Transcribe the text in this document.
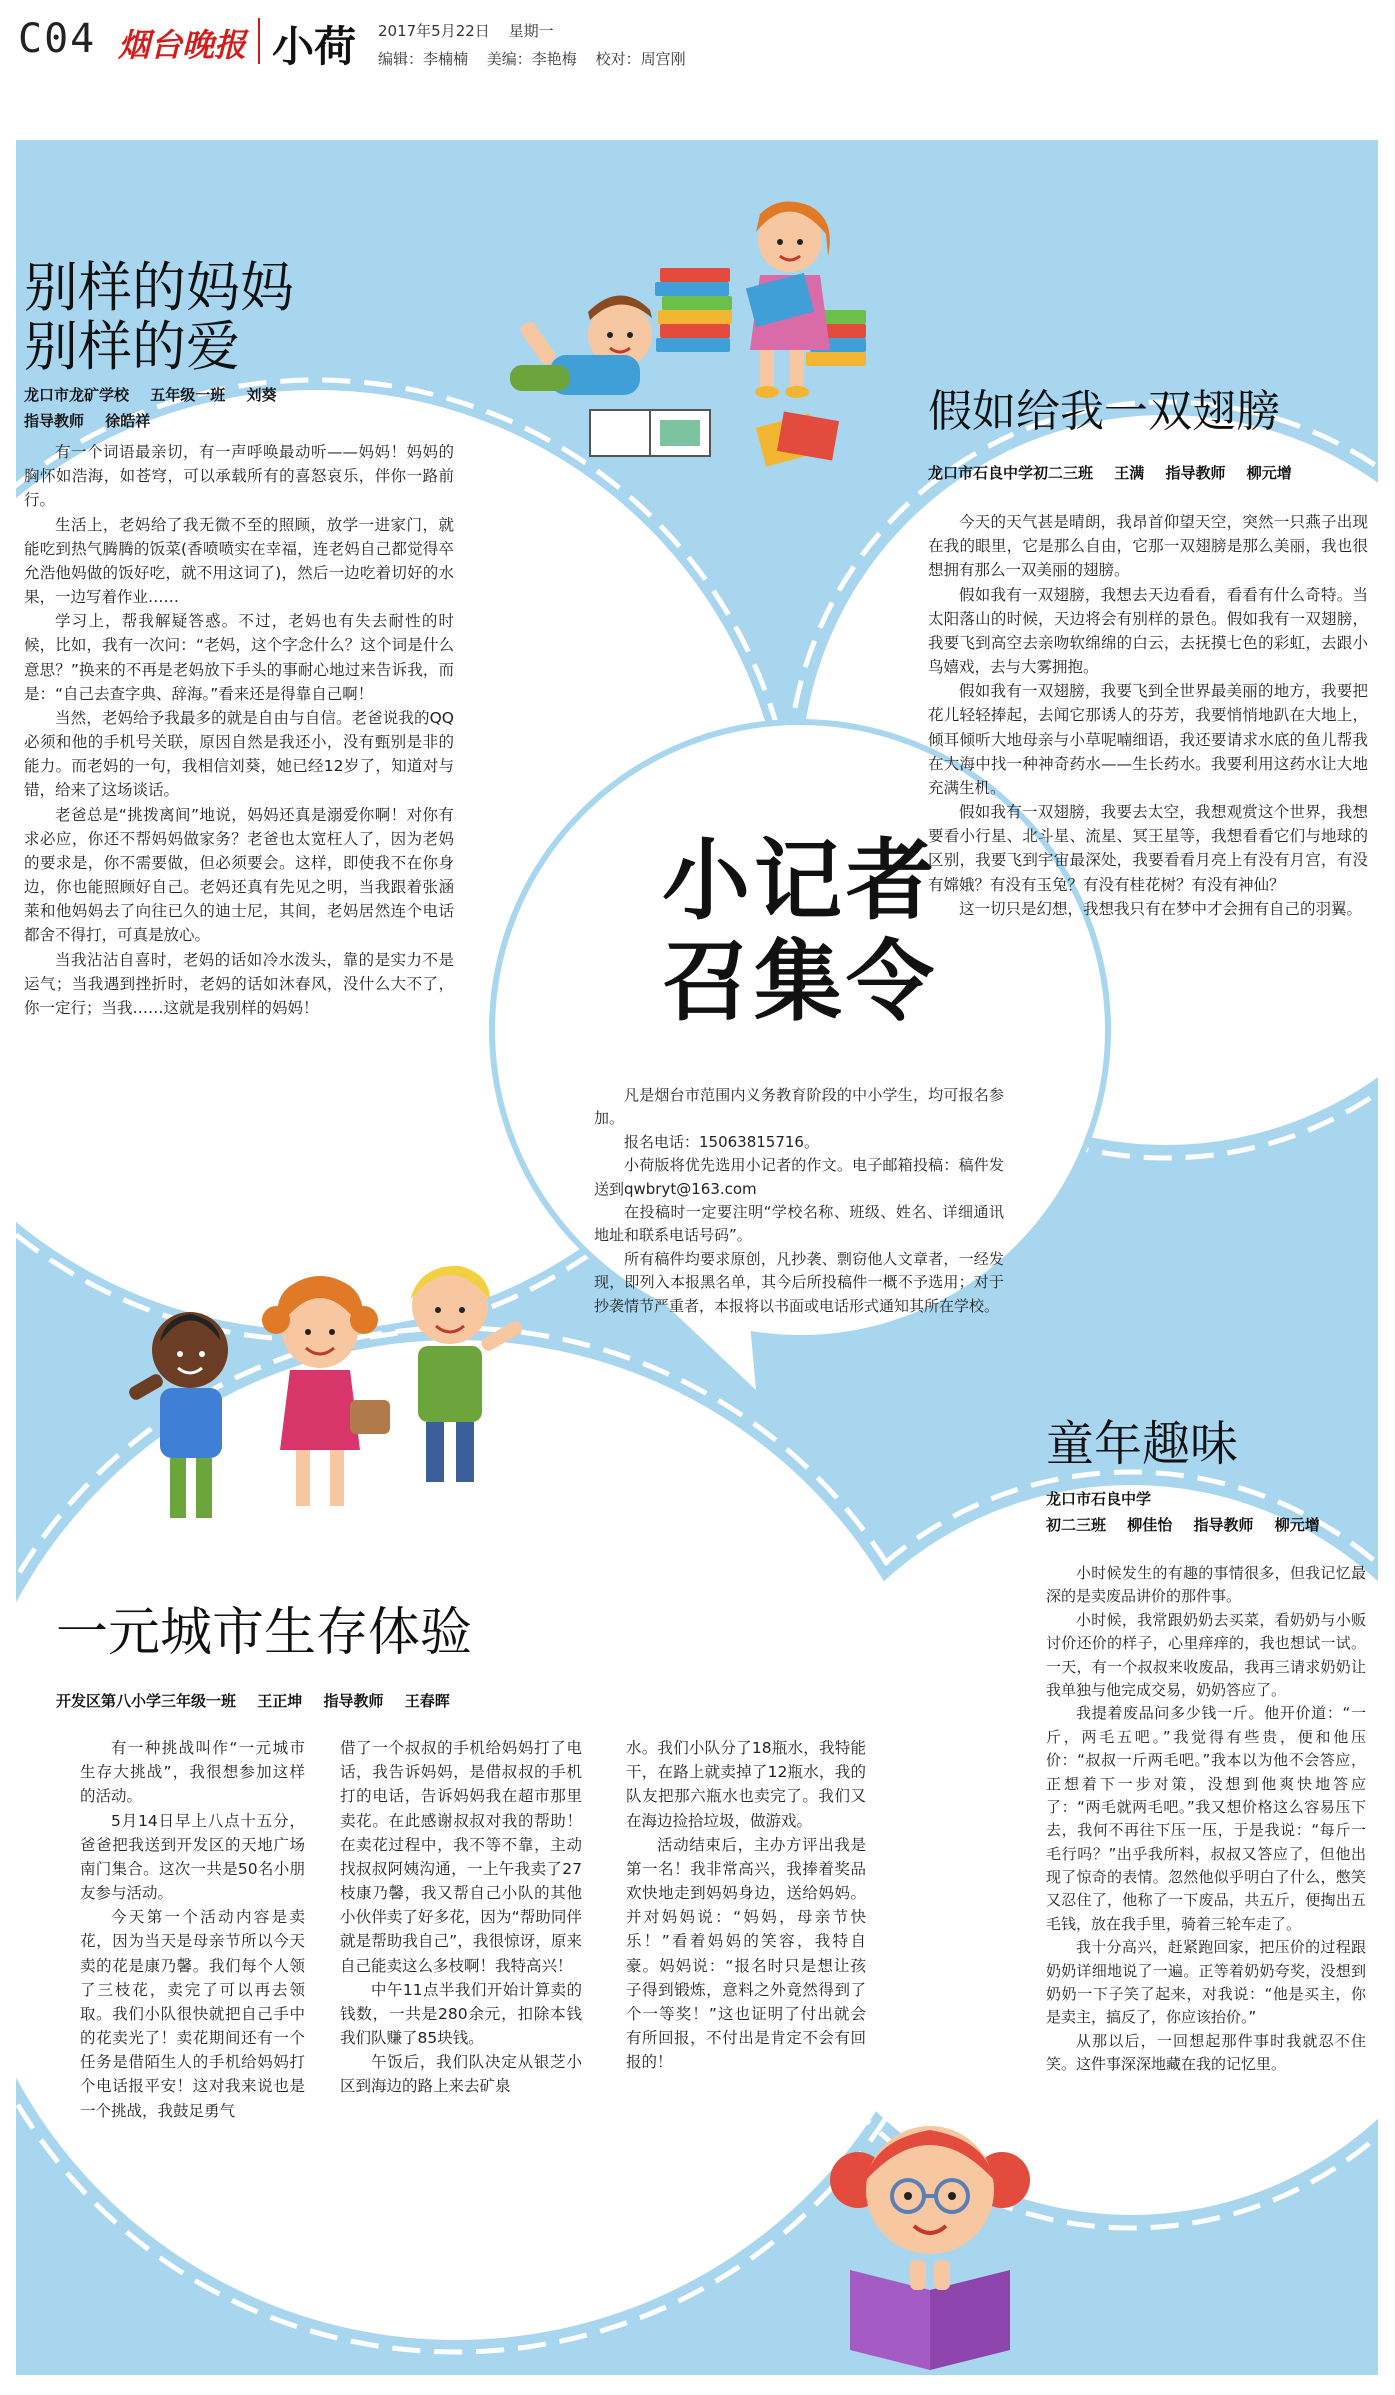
C04 烟台晚报 小荷 2017年5月22日 星期一
编辑：李楠楠 美编：李艳梅 校对：周宫刚
别样的妈妈
别样的爱
龙口市龙矿学校 五年级一班 刘葵
指导教师 徐皓祥

有一个词语最亲切，有一声呼唤最动听——妈妈！妈妈的胸怀如浩海，如苍穹，可以承载所有的喜怒哀乐，伴你一路前行。

生活上，老妈给了我无微不至的照顾，放学一进家门，就能吃到热气腾腾的饭菜(香喷喷实在幸福，连老妈自己都觉得卒允浩他妈做的饭好吃，就不用这词了)，然后一边吃着切好的水果，一边写着作业……

学习上，帮我解疑答惑。不过，老妈也有失去耐性的时候，比如，我有一次问：“老妈，这个字念什么？这个词是什么意思？”换来的不再是老妈放下手头的事耐心地过来告诉我，而是：“自己去查字典、辞海。”看来还是得靠自己啊！

当然，老妈给予我最多的就是自由与自信。老爸说我的QQ必须和他的手机号关联，原因自然是我还小，没有甄别是非的能力。而老妈的一句，我相信刘葵，她已经12岁了，知道对与错，给来了这场谈话。

老爸总是“挑拨离间”地说，妈妈还真是溺爱你啊！对你有求必应，你还不帮妈妈做家务？老爸也太宽枉人了，因为老妈的要求是，你不需要做，但必须要会。这样，即使我不在你身边，你也能照顾好自己。老妈还真有先见之明，当我跟着张涵莱和他妈妈去了向往已久的迪士尼，其间，老妈居然连个电话都舍不得打，可真是放心。

当我沾沾自喜时，老妈的话如冷水泼头，靠的是实力不是运气；当我遇到挫折时，老妈的话如沐春风，没什么大不了，你一定行；当我……这就是我别样的妈妈！

假如给我一双翅膀
龙口市石良中学初二三班 王满 指导教师 柳元增

今天的天气甚是晴朗，我昂首仰望天空，突然一只燕子出现在我的眼里，它是那么自由，它那一双翅膀是那么美丽，我也很想拥有那么一双美丽的翅膀。

假如我有一双翅膀，我想去天边看看，看看有什么奇特。当太阳落山的时候，天边将会有别样的景色。假如我有一双翅膀，我要飞到高空去亲吻软绵绵的白云，去抚摸七色的彩虹，去跟小鸟嬉戏，去与大雾拥抱。

假如我有一双翅膀，我要飞到全世界最美丽的地方，我要把花儿轻轻捧起，去闻它那诱人的芬芳，我要悄悄地趴在大地上，倾耳倾听大地母亲与小草呢喃细语，我还要请求水底的鱼儿帮我在大海中找一种神奇药水——生长药水。我要利用这药水让大地充满生机。

假如我有一双翅膀，我要去太空，我想观赏这个世界，我想要看小行星、北斗星、流星、冥王星等，我想看看它们与地球的区别，我要飞到宇宙最深处，我要看看月亮上有没有月宫，有没有嫦娥？有没有玉兔？有没有桂花树？有没有神仙？

这一切只是幻想，我想我只有在梦中才会拥有自己的羽翼。

小记者
召集令

凡是烟台市范围内义务教育阶段的中小学生，均可报名参加。

报名电话：15063815716。

小荷版将优先选用小记者的作文。电子邮箱投稿：稿件发送到qwbryt@163.com

在投稿时一定要注明“学校名称、班级、姓名、详细通讯地址和联系电话号码”。

所有稿件均要求原创，凡抄袭、剽窃他人文章者，一经发现，即列入本报黑名单，其今后所投稿件一概不予选用；对于抄袭情节严重者，本报将以书面或电话形式通知其所在学校。

童年趣味
龙口市石良中学
初二三班 柳佳怡 指导教师 柳元增

小时候发生的有趣的事情很多，但我记忆最深的是卖废品讲价的那件事。

小时候，我常跟奶奶去买菜，看奶奶与小贩讨价还价的样子，心里痒痒的，我也想试一试。一天，有一个叔叔来收废品，我再三请求奶奶让我单独与他完成交易，奶奶答应了。

我提着废品问多少钱一斤。他开价道：“一斤，两毛五吧。”我觉得有些贵，便和他压价：“叔叔一斤两毛吧。”我本以为他不会答应，正想着下一步对策，没想到他爽快地答应了：“两毛就两毛吧。”我又想价格这么容易压下去，我何不再往下压一压，于是我说：“每斤一毛行吗？”出乎我所料，叔叔又答应了，但他出现了惊奇的表情。忽然他似乎明白了什么，憋笑又忍住了，他称了一下废品，共五斤，便掏出五毛钱，放在我手里，骑着三轮车走了。

我十分高兴，赶紧跑回家，把压价的过程跟奶奶详细地说了一遍。正等着奶奶夸奖，没想到奶奶一下子笑了起来，对我说：“他是买主，你是卖主，搞反了，你应该抬价。”

从那以后，一回想起那件事时我就忍不住笑。这件事深深地藏在我的记忆里。

一元城市生存体验
开发区第八小学三年级一班 王正坤 指导教师 王春晖

有一种挑战叫作“一元城市生存大挑战”，我很想参加这样的活动。

5月14日早上八点十五分，爸爸把我送到开发区的天地广场南门集合。这次一共是50名小朋友参与活动。

今天第一个活动内容是卖花，因为当天是母亲节所以今天卖的花是康乃馨。我们每个人领了三枝花，卖完了可以再去领取。我们小队很快就把自己手中的花卖光了！卖花期间还有一个任务是借陌生人的手机给妈妈打个电话报平安！这对我来说也是一个挑战，我鼓足勇气

借了一个叔叔的手机给妈妈打了电话，我告诉妈妈，是借叔叔的手机打的电话，告诉妈妈我在超市那里卖花。在此感谢叔叔对我的帮助！在卖花过程中，我不等不靠，主动找叔叔阿姨沟通，一上午我卖了27枝康乃馨，我又帮自己小队的其他小伙伴卖了好多花，因为“帮助同伴就是帮助我自己”，我很惊讶，原来自己能卖这么多枝啊！我特高兴！

中午11点半我们开始计算卖的钱数，一共是280余元，扣除本钱我们队赚了85块钱。

午饭后，我们队决定从银芝小区到海边的路上来去矿泉

水。我们小队分了18瓶水，我特能干，在路上就卖掉了12瓶水，我的队友把那六瓶水也卖完了。我们又在海边捡拾垃圾，做游戏。

活动结束后，主办方评出我是第一名！我非常高兴，我捧着奖品欢快地走到妈妈身边，送给妈妈。并对妈妈说：“妈妈，母亲节快乐！”看着妈妈的笑容，我特自豪。妈妈说：“报名时只是想让孩子得到锻炼，意料之外竟然得到了个一等奖！”这也证明了付出就会有所回报，不付出是肯定不会有回报的！
